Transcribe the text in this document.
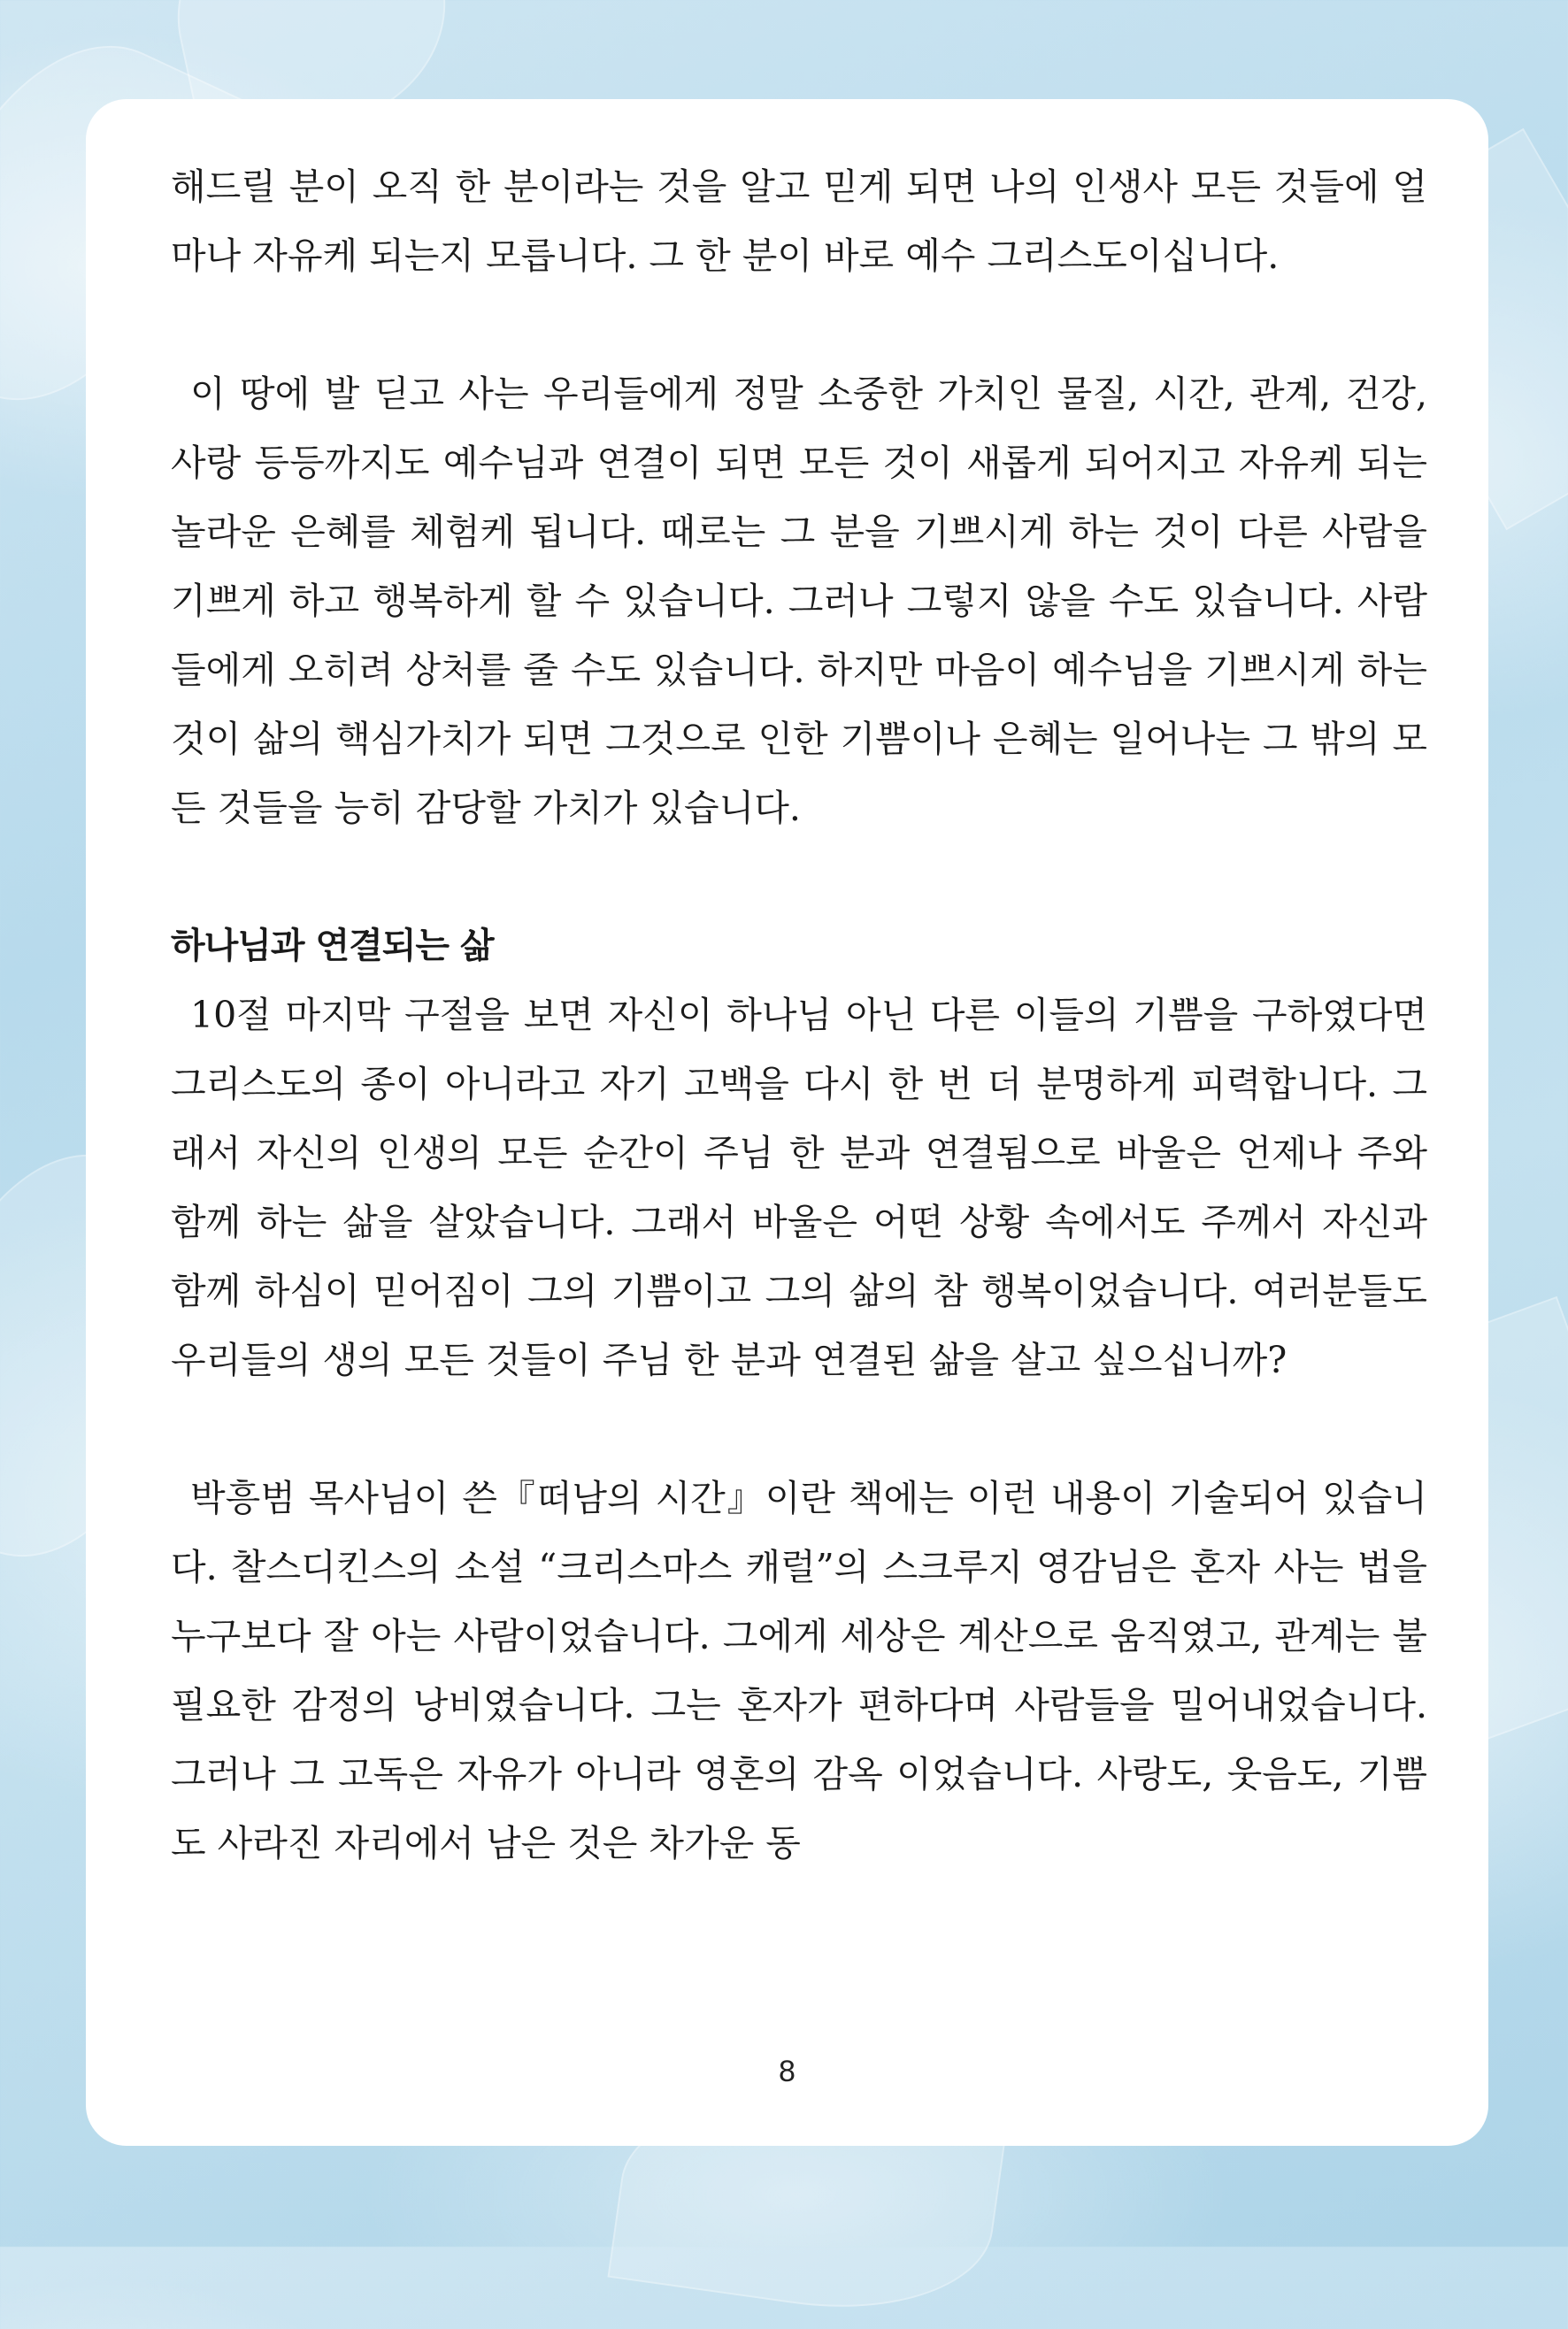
해드릴 분이 오직 한 분이라는 것을 알고 믿게 되면 나의 인생사 모든 것들에 얼마나 자유케 되는지 모릅니다. 그 한 분이 바로 예수 그리스도이십니다.

이 땅에 발 딛고 사는 우리들에게 정말 소중한 가치인 물질, 시간, 관계, 건강, 사랑 등등까지도 예수님과 연결이 되면 모든 것이 새롭게 되어지고 자유케 되는 놀라운 은혜를 체험케 됩니다. 때로는 그 분을 기쁘시게 하는 것이 다른 사람을 기쁘게 하고 행복하게 할 수 있습니다. 그러나 그렇지 않을 수도 있습니다. 사람들에게 오히려 상처를 줄 수도 있습니다. 하지만 마음이 예수님을 기쁘시게 하는 것이 삶의 핵심가치가 되면 그것으로 인한 기쁨이나 은혜는 일어나는 그 밖의 모든 것들을 능히 감당할 가치가 있습니다.

하나님과 연결되는 삶

10절 마지막 구절을 보면 자신이 하나님 아닌 다른 이들의 기쁨을 구하였다면 그리스도의 종이 아니라고 자기 고백을 다시 한 번 더 분명하게 피력합니다. 그래서 자신의 인생의 모든 순간이 주님 한 분과 연결됨으로 바울은 언제나 주와 함께 하는 삶을 살았습니다. 그래서 바울은 어떤 상황 속에서도 주께서 자신과 함께 하심이 믿어짐이 그의 기쁨이고 그의 삶의 참 행복이었습니다. 여러분들도 우리들의 생의 모든 것들이 주님 한 분과 연결된 삶을 살고 싶으십니까?

박흥범 목사님이 쓴『떠남의 시간』이란 책에는 이런 내용이 기술되어 있습니다. 찰스디킨스의 소설 “크리스마스 캐럴”의 스크루지 영감님은 혼자 사는 법을 누구보다 잘 아는 사람이었습니다. 그에게 세상은 계산으로 움직였고, 관계는 불필요한 감정의 낭비였습니다. 그는 혼자가 편하다며 사람들을 밀어내었습니다. 그러나 그 고독은 자유가 아니라 영혼의 감옥 이었습니다. 사랑도, 웃음도, 기쁨도 사라진 자리에서 남은 것은 차가운 동

8
